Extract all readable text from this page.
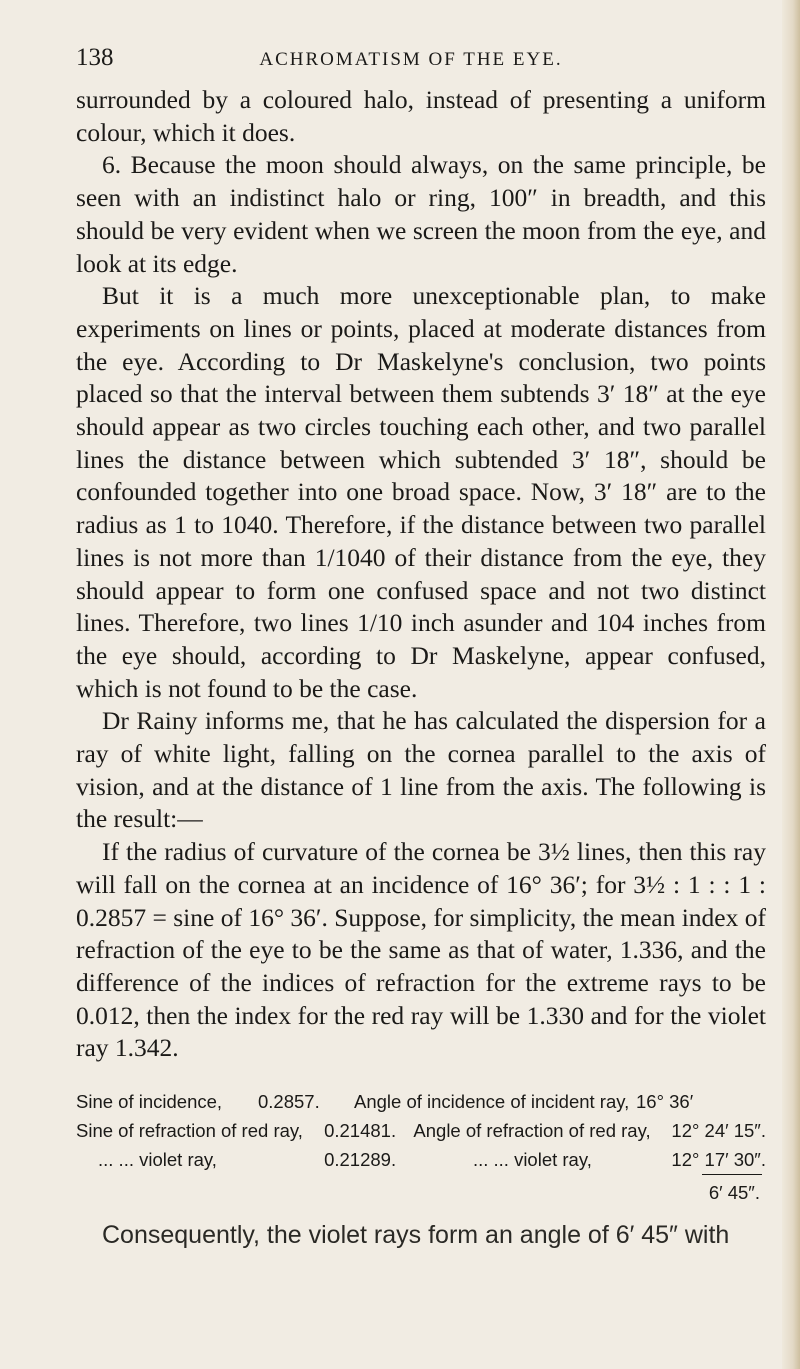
138	ACHROMATISM OF THE EYE.

surrounded by a coloured halo, instead of presenting a uniform colour, which it does.

6. Because the moon should always, on the same principle, be seen with an indistinct halo or ring, 100″ in breadth, and this should be very evident when we screen the moon from the eye, and look at its edge.

But it is a much more unexceptionable plan, to make experiments on lines or points, placed at moderate distances from the eye. According to Dr Maskelyne's conclusion, two points placed so that the interval between them subtends 3′ 18″ at the eye should appear as two circles touching each other, and two parallel lines the distance between which subtended 3′ 18″, should be confounded together into one broad space. Now, 3′ 18″ are to the radius as 1 to 1040. Therefore, if the distance between two parallel lines is not more than 1/1040 of their distance from the eye, they should appear to form one confused space and not two distinct lines. Therefore, two lines 1/10 inch asunder and 104 inches from the eye should, according to Dr Maskelyne, appear confused, which is not found to be the case.

Dr Rainy informs me, that he has calculated the dispersion for a ray of white light, falling on the cornea parallel to the axis of vision, and at the distance of 1 line from the axis. The following is the result:—

If the radius of curvature of the cornea be 3½ lines, then this ray will fall on the cornea at an incidence of 16° 36′; for 3½ : 1 : : 1 : 0.2857 = sine of 16° 36′. Suppose, for simplicity, the mean index of refraction of the eye to be the same as that of water, 1.336, and the difference of the indices of refraction for the extreme rays to be 0.012, then the index for the red ray will be 1.330 and for the violet ray 1.342.

Sine of incidence,	0.2857.	Angle of incidence of incident ray, 16° 36′
Sine of refraction of red ray,	0.21481. Angle of refraction of red ray,	12° 24′ 15″.
... ... violet ray,	0.21289.	... ... violet ray,	12° 17′ 30″.
6′ 45″.

Consequently, the violet rays form an angle of 6′ 45″ with
